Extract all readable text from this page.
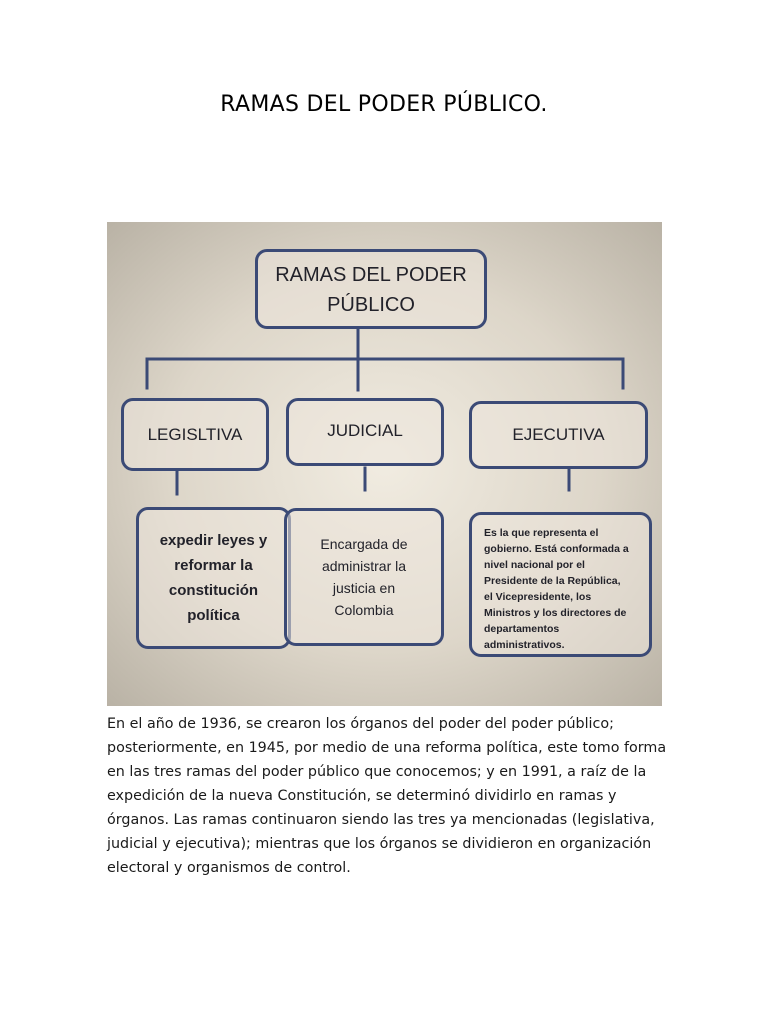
RAMAS DEL PODER PÚBLICO.
RAMAS DEL PODER
PÚBLICO
LEGISLTIVA	JUDICIAL	EJECUTIVA
expedir leyes y
reformar la
constitución
política
Encargada de
administrar la
justicia en
Colombia
Es la que representa el
gobierno. Está conformada a
nivel nacional por el
Presidente de la República,
el Vicepresidente, los
Ministros y los directores de
departamentos
administrativos.
En el año de 1936, se crearon los órganos del poder del poder público; posteriormente, en 1945, por medio de una reforma política, este tomo forma en las tres ramas del poder público que conocemos; y en 1991, a raíz de la expedición de la nueva Constitución, se determinó dividirlo en ramas y órganos. Las ramas continuaron siendo las tres ya mencionadas (legislativa, judicial y ejecutiva); mientras que los órganos se dividieron en organización electoral y organismos de control.
